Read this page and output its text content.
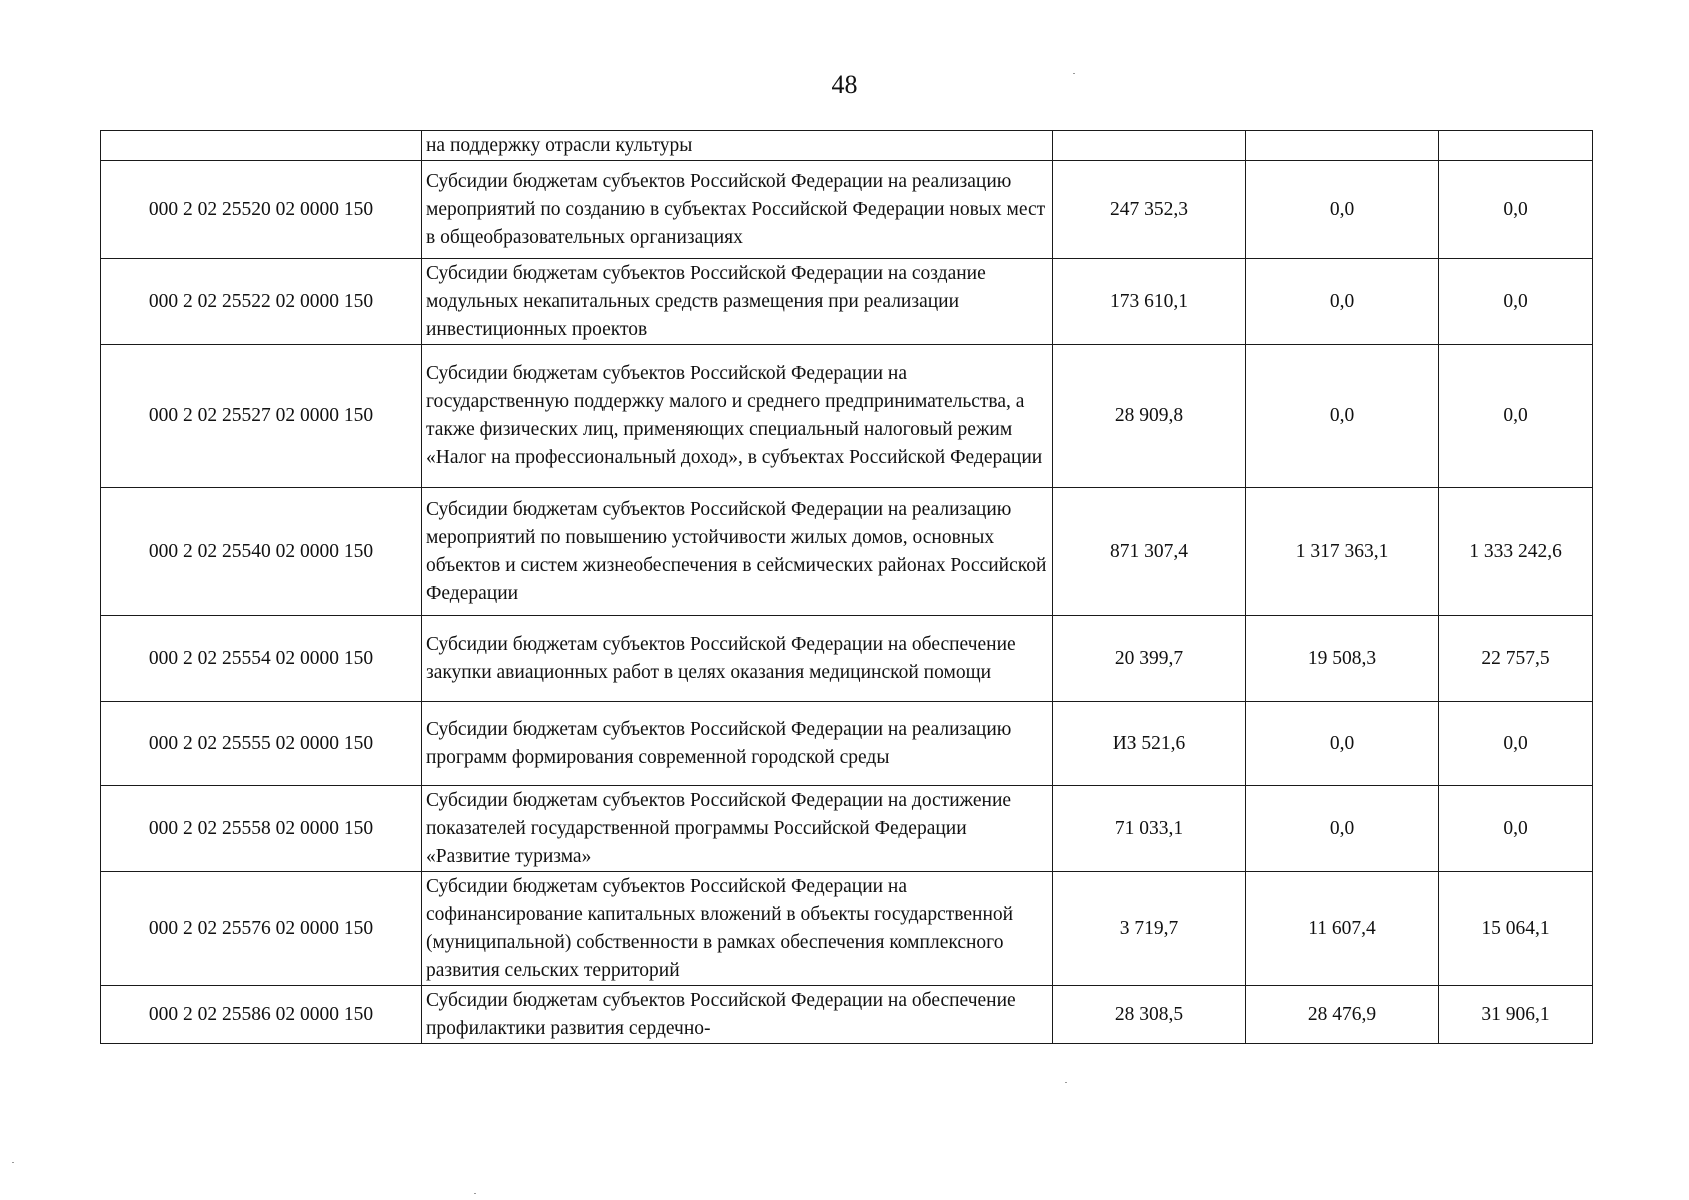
48
	на поддержку отрасли культуры			
000 2 02 25520 02 0000 150	Субсидии бюджетам субъектов Российской Федерации на реализацию мероприятий по созданию в субъектах Российской Федерации новых мест в общеобразовательных организациях	247 352,3	0,0	0,0
000 2 02 25522 02 0000 150	Субсидии бюджетам субъектов Российской Федерации на создание модульных некапитальных средств размещения при реализации инвестиционных проектов	173 610,1	0,0	0,0
000 2 02 25527 02 0000 150	Субсидии бюджетам субъектов Российской Федерации на государственную поддержку малого и среднего предпринимательства, а также физических лиц, применяющих специальный налоговый режим «Налог на профессиональный доход», в субъектах Российской Федерации	28 909,8	0,0	0,0
000 2 02 25540 02 0000 150	Субсидии бюджетам субъектов Российской Федерации на реализацию мероприятий по повышению устойчивости жилых домов, основных объектов и систем жизнеобеспечения в сейсмических районах Российской Федерации	871 307,4	1 317 363,1	1 333 242,6
000 2 02 25554 02 0000 150	Субсидии бюджетам субъектов Российской Федерации на обеспечение закупки авиационных работ в целях оказания медицинской помощи	20 399,7	19 508,3	22 757,5
000 2 02 25555 02 0000 150	Субсидии бюджетам субъектов Российской Федерации на реализацию программ формирования современной городской среды	ИЗ 521,6	0,0	0,0
000 2 02 25558 02 0000 150	Субсидии бюджетам субъектов Российской Федерации на достижение показателей государственной программы Российской Федерации «Развитие туризма»	71 033,1	0,0	0,0
000 2 02 25576 02 0000 150	Субсидии бюджетам субъектов Российской Федерации на софинансирование капитальных вложений в объекты государственной (муниципальной) собственности в рамках обеспечения комплексного развития сельских территорий	3 719,7	11 607,4	15 064,1
000 2 02 25586 02 0000 150	Субсидии бюджетам субъектов Российской Федерации на обеспечение профилактики развития сердечно-	28 308,5	28 476,9	31 906,1
